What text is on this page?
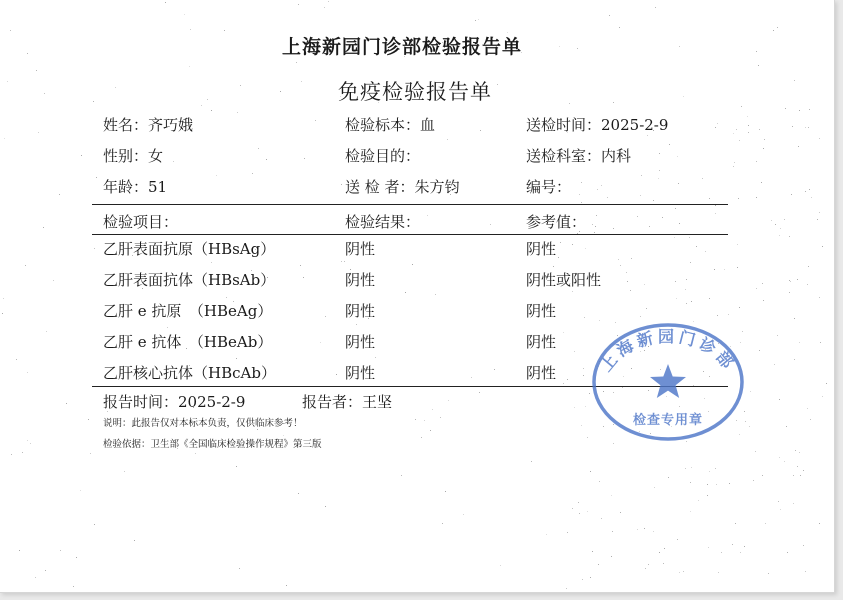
上海新园门诊部检验报告单
免疫检验报告单
姓名：齐巧娥
性别：女
年龄：51
检验标本：血
检验目的：
送 检 者：朱方钧
送检时间：2025-2-9
送检科室：内科
编号：
检验项目：	检验结果：	参考值：
乙肝表面抗原（HBsAg）	阴性	阴性
乙肝表面抗体（HBsAb）	阴性	阴性或阳性
乙肝 e 抗原　（HBeAg）	阴性	阴性
乙肝 e 抗体　（HBeAb）	阴性	阴性
乙肝核心抗体（HBcAb）	阴性	阴性
报告时间：2025-2-9	报告者：王坚
说明：此报告仅对本标本负责，仅供临床参考！
检验依据：卫生部《全国临床检验操作规程》第三版
上海新园门诊部
检查专用章
